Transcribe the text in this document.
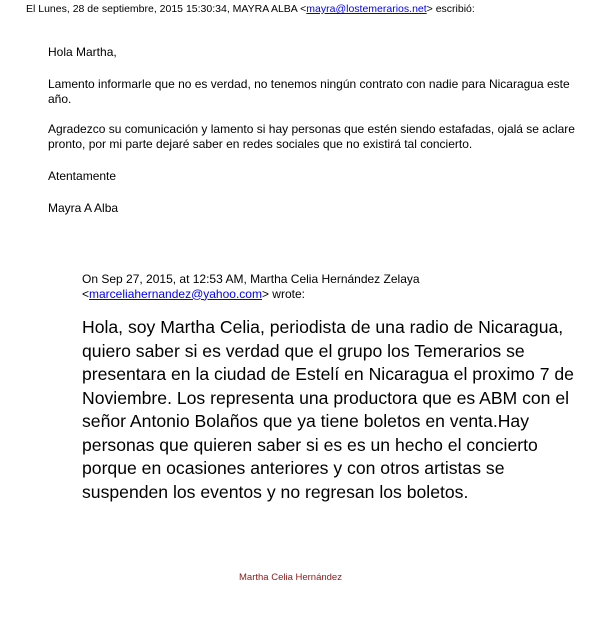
El Lunes, 28 de septiembre, 2015 15:30:34, MAYRA ALBA <mayra@lostemerarios.net> escribió:

Hola Martha,

Lamento informarle que no es verdad, no tenemos ningún contrato con nadie para Nicaragua este año.

Agradezco su comunicación y lamento si hay personas que estén siendo estafadas, ojalá se aclare pronto, por mi parte dejaré saber en redes sociales que no existirá tal concierto.

Atentamente

Mayra A Alba

On Sep 27, 2015, at 12:53 AM, Martha Celia Hernández Zelaya
<marceliahernandez@yahoo.com> wrote:
Hola, soy Martha Celia, periodista de una radio de Nicaragua, quiero saber si es verdad que el grupo los Temerarios se presentara en la ciudad de Estelí en Nicaragua el proximo 7 de Noviembre. Los representa una productora que es ABM con el señor Antonio Bolaños que ya tiene boletos en venta.Hay personas que quieren saber si es es un hecho el concierto porque en ocasiones anteriores y con otros artistas se suspenden los eventos y no regresan los boletos.
Martha Celia Hernández
